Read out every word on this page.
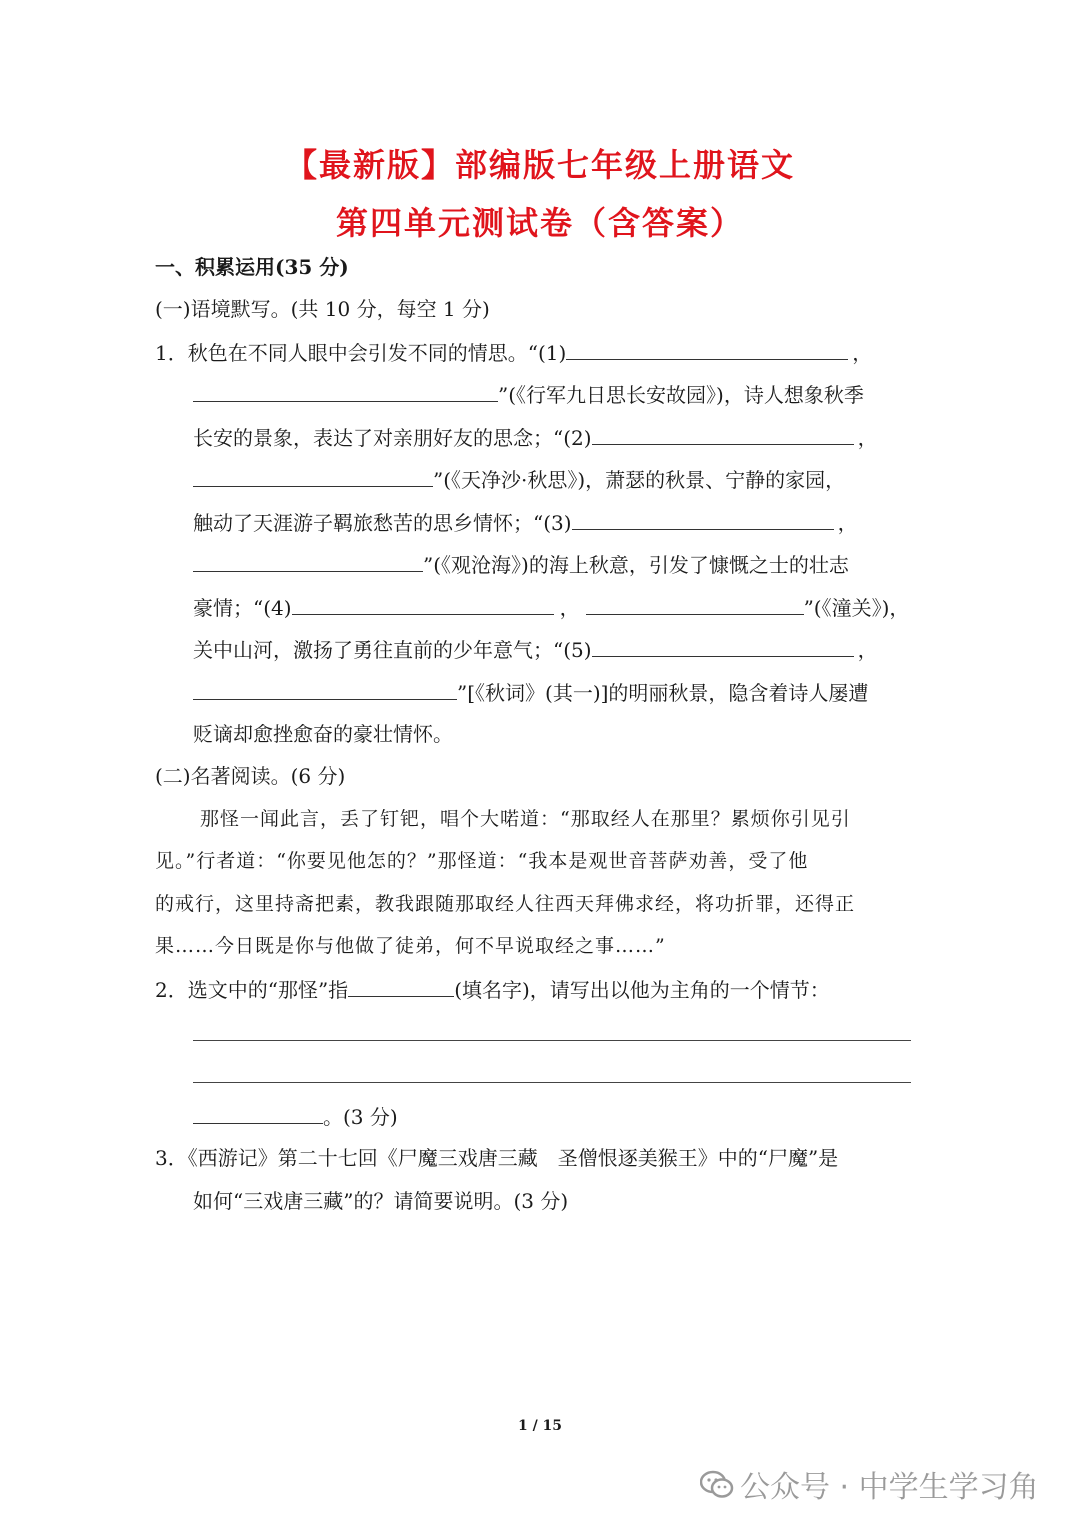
【最新版】部编版七年级上册语文
第四单元测试卷（含答案）
一、积累运用(35 分)
(一)语境默写。(共 10 分，每空 1 分)
1．秋色在不同人眼中会引发不同的情思。“(1)	，
”(《行军九日思长安故园》)，诗人想象秋季
长安的景象，表达了对亲朋好友的思念；“(2)	，
”(《天净沙·秋思》)，萧瑟的秋景、宁静的家园，
触动了天涯游子羁旅愁苦的思乡情怀；“(3)	，
”(《观沧海》)的海上秋意，引发了慷慨之士的壮志
豪情；“(4)	，	”(《潼关》)，
关中山河，激扬了勇往直前的少年意气；“(5)	，
”[《秋词》(其一)]的明丽秋景，隐含着诗人屡遭
贬谪却愈挫愈奋的豪壮情怀。
(二)名著阅读。(6 分)
那怪一闻此言，丢了钉钯，唱个大喏道：“那取经人在那里？累烦你引见引
见。”行者道：“你要见他怎的？”那怪道：“我本是观世音菩萨劝善，受了他
的戒行，这里持斋把素，教我跟随那取经人往西天拜佛求经，将功折罪，还得正
果……今日既是你与他做了徒弟，何不早说取经之事……”
2．选文中的“那怪”指	(填名字)，请写出以他为主角的一个情节：
。(3 分)
3．《西游记》第二十七回《尸魔三戏唐三藏　圣僧恨逐美猴王》中的“尸魔”是
如何“三戏唐三藏”的？请简要说明。(3 分)
1 / 15
公众号 · 中学生学习角
